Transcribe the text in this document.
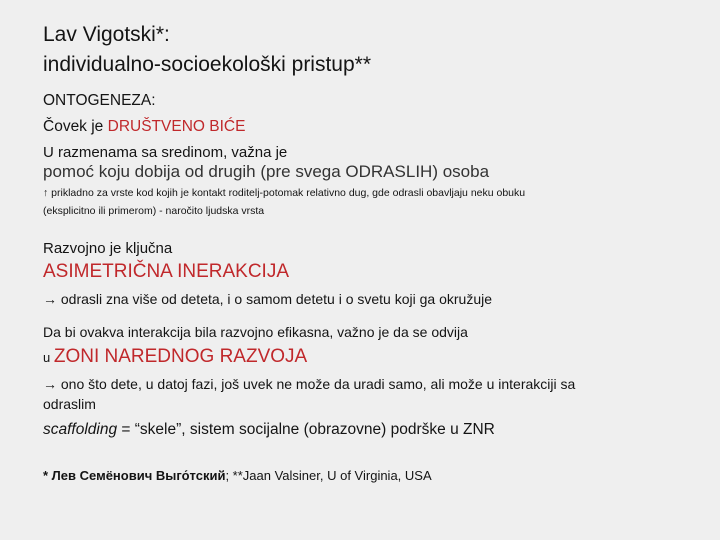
Lav Vigotski*:
individualno-socioekološki pristup**
ONTOGENEZA:
Čovek je DRUŠTVENO BIĆE
U razmenama sa sredinom, važna je
pomoć koju dobija od drugih (pre svega ODRASLIH) osoba
↑ prikladno za vrste kod kojih je kontakt roditelj-potomak relativno dug, gde odrasli obavljaju neku obuku
(eksplicitno ili primerom) - naročito ljudska vrsta
Razvojno je ključna
ASIMETRIČNA INERAKCIJA
→ odrasli zna više od deteta, i o samom detetu i o svetu koji ga okružuje
Da bi ovakva interakcija bila razvojno efikasna, važno je da se odvija
u ZONI NAREDNOG RAZVOJA
→ ono što dete, u datoj fazi, još uvek ne može da uradi samo, ali može u interakciji sa
odraslim
scaffolding = “skele”, sistem socijalne (obrazovne) podrške u ZNR
* Лев Семёнович Выго́тский; **Jaan Valsiner, U of Virginia, USA
